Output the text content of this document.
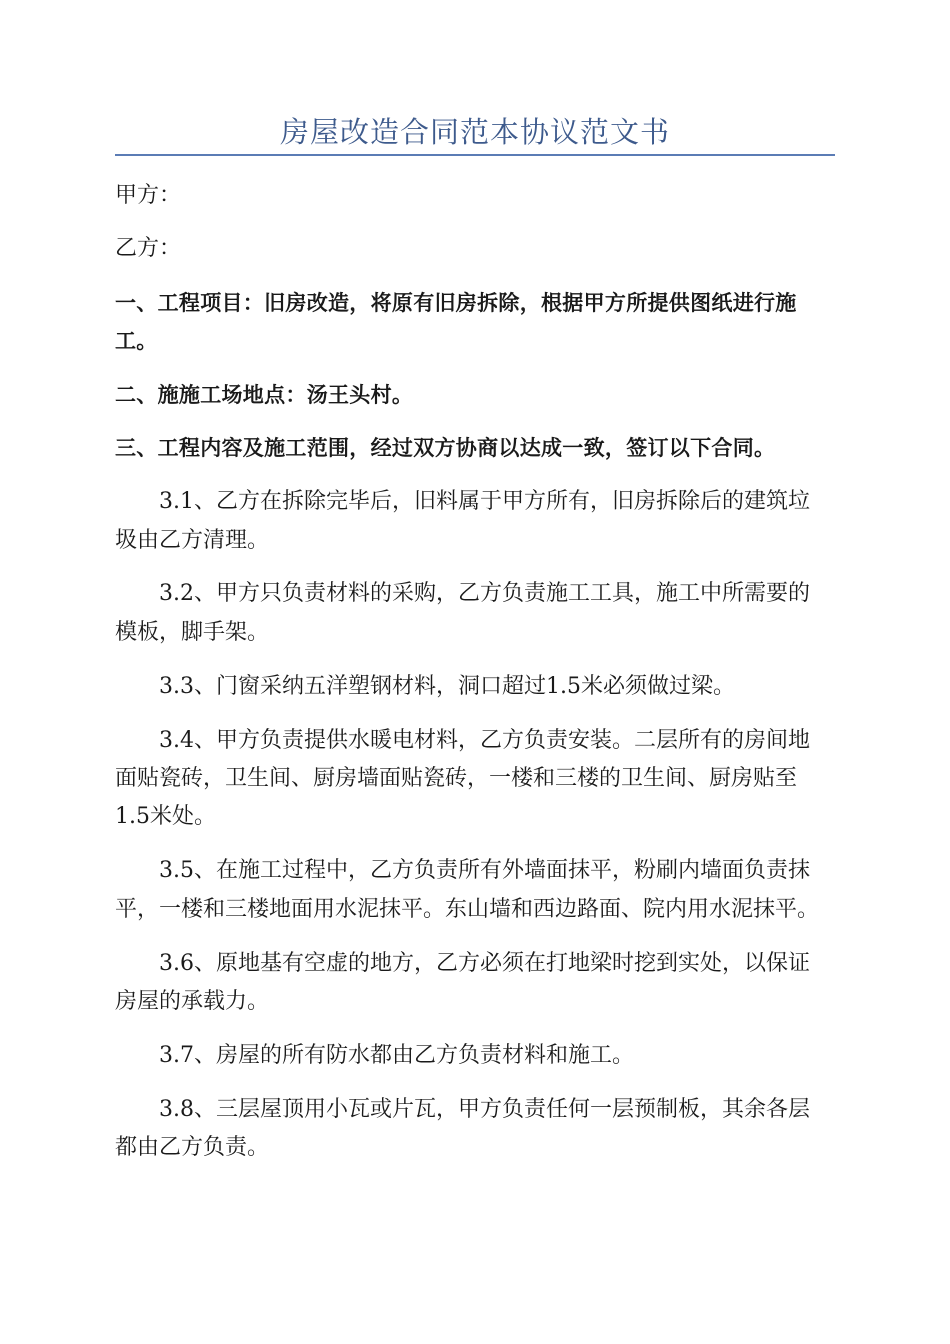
房屋改造合同范本协议范文书
甲方：
乙方：
一、工程项目：旧房改造，将原有旧房拆除，根据甲方所提供图纸进行施
工。
二、施施工场地点：汤王头村。
三、工程内容及施工范围，经过双方协商以达成一致，签订以下合同。
3.1、乙方在拆除完毕后，旧料属于甲方所有，旧房拆除后的建筑垃
圾由乙方清理。
3.2、甲方只负责材料的采购，乙方负责施工工具，施工中所需要的
模板，脚手架。
3.3、门窗采纳五洋塑钢材料，洞口超过1.5米必须做过梁。
3.4、甲方负责提供水暖电材料，乙方负责安装。二层所有的房间地
面贴瓷砖，卫生间、厨房墙面贴瓷砖，一楼和三楼的卫生间、厨房贴至
1.5米处。
3.5、在施工过程中，乙方负责所有外墙面抹平，粉刷内墙面负责抹
平，一楼和三楼地面用水泥抹平。东山墙和西边路面、院内用水泥抹平。
3.6、原地基有空虚的地方，乙方必须在打地梁时挖到实处，以保证
房屋的承载力。
3.7、房屋的所有防水都由乙方负责材料和施工。
3.8、三层屋顶用小瓦或片瓦，甲方负责任何一层预制板，其余各层
都由乙方负责。
